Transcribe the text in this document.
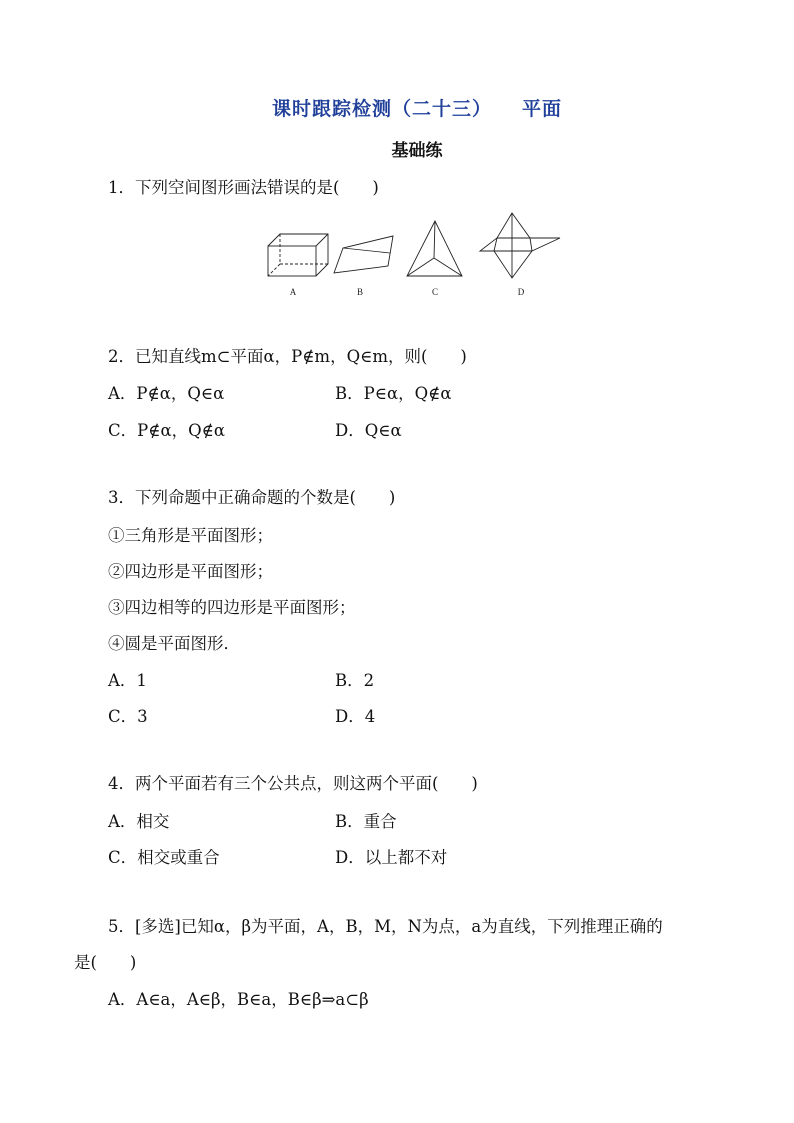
课时跟踪检测（二十三） 平面
基础练
1．下列空间图形画法错误的是(　　)
A	B	C	D
2．已知直线m⊂平面α，P∉m，Q∈m，则(　　)
A．P∉α，Q∈α	B．P∈α，Q∉α
C．P∉α，Q∉α	D．Q∈α
3．下列命题中正确命题的个数是(　　)
①三角形是平面图形；
②四边形是平面图形；
③四边相等的四边形是平面图形；
④圆是平面图形．
A．1	B．2
C．3	D．4
4．两个平面若有三个公共点，则这两个平面(　　)
A．相交	B．重合
C．相交或重合	D．以上都不对
5．[多选]已知α，β为平面，A，B，M，N为点，a为直线，下列推理正确的
是(　　)
A．A∈a，A∈β，B∈a，B∈β⇒a⊂β
